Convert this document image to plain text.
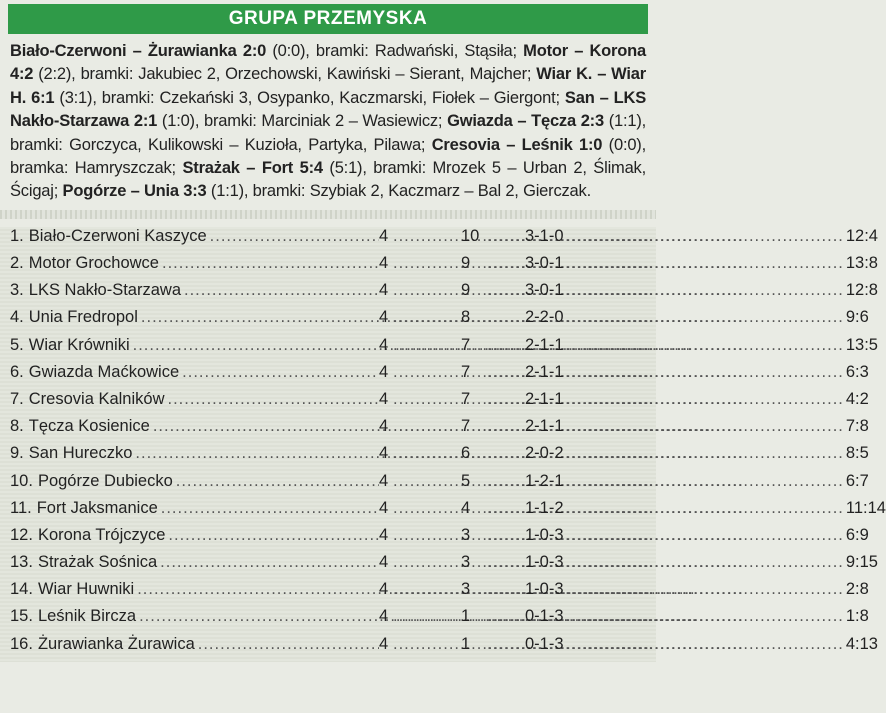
GRUPA PRZEMYSKA
Biało-Czerwoni – Żurawianka 2:0 (0:0), bramki: Radwański, Stąsiła; Motor – Korona 4:2 (2:2), bramki: Jakubiec 2, Orzechowski, Kawiński – Sierant, Majcher; Wiar K. – Wiar H. 6:1 (3:1), bramki: Czekański 3, Osypanko, Kaczmarski, Fiołek – Giergont; San – LKS Nakło-Starzawa 2:1 (1:0), bramki: Marciniak 2 – Wasiewicz; Gwiazda – Tęcza 2:3 (1:1), bramki: Gorczyca, Kulikowski – Kuzioła, Partyka, Pilawa; Cresovia – Leśnik 1:0 (0:0), bramka: Hamryszczak; Strażak – Fort 5:4 (5:1), bramki: Mrozek 5 – Urban 2, Ślimak, Ścigaj; Pogórze – Unia 3:3 (1:1), bramki: Szybiak 2, Kaczmarz – Bal 2, Gierczak.
1. Biało-Czerwoni Kaszyce .....	4 .....	10 .....	3-1-0 .....	12:4
2. Motor Grochowce .....	4 .....	9 .....	3-0-1 .....	13:8
3. LKS Nakło-Starzawa .....	4 .....	9 .....	3-0-1 .....	12:8
4. Unia Fredropol .....	4 .....	8 .....	2-2-0 .....	9:6
5. Wiar Krówniki .....	4 .....	7 .....	2-1-1 .....	13:5
6. Gwiazda Maćkowice .....	4 .....	7 .....	2-1-1 .....	6:3
7. Cresovia Kalników .....	4 .....	7 .....	2-1-1 .....	4:2
8. Tęcza Kosienice .....	4 .....	7 .....	2-1-1 .....	7:8
9. San Hureczko .....	4 .....	6 .....	2-0-2 .....	8:5
10. Pogórze Dubiecko .....	4 .....	5 .....	1-2-1 .....	6:7
11. Fort Jaksmanice .....	4 .....	4 .....	1-1-2 .....	11:14
12. Korona Trójczyce .....	4 .....	3 .....	1-0-3 .....	6:9
13. Strażak Sośnica .....	4 .....	3 .....	1-0-3 .....	9:15
14. Wiar Huwniki .....	4 .....	3 .....	1-0-3 .....	2:8
15. Leśnik Bircza .....	4 .....	1 .....	0-1-3 .....	1:8
16. Żurawianka Żurawica .....	4 .....	1 .....	0-1-3 .....	4:13
